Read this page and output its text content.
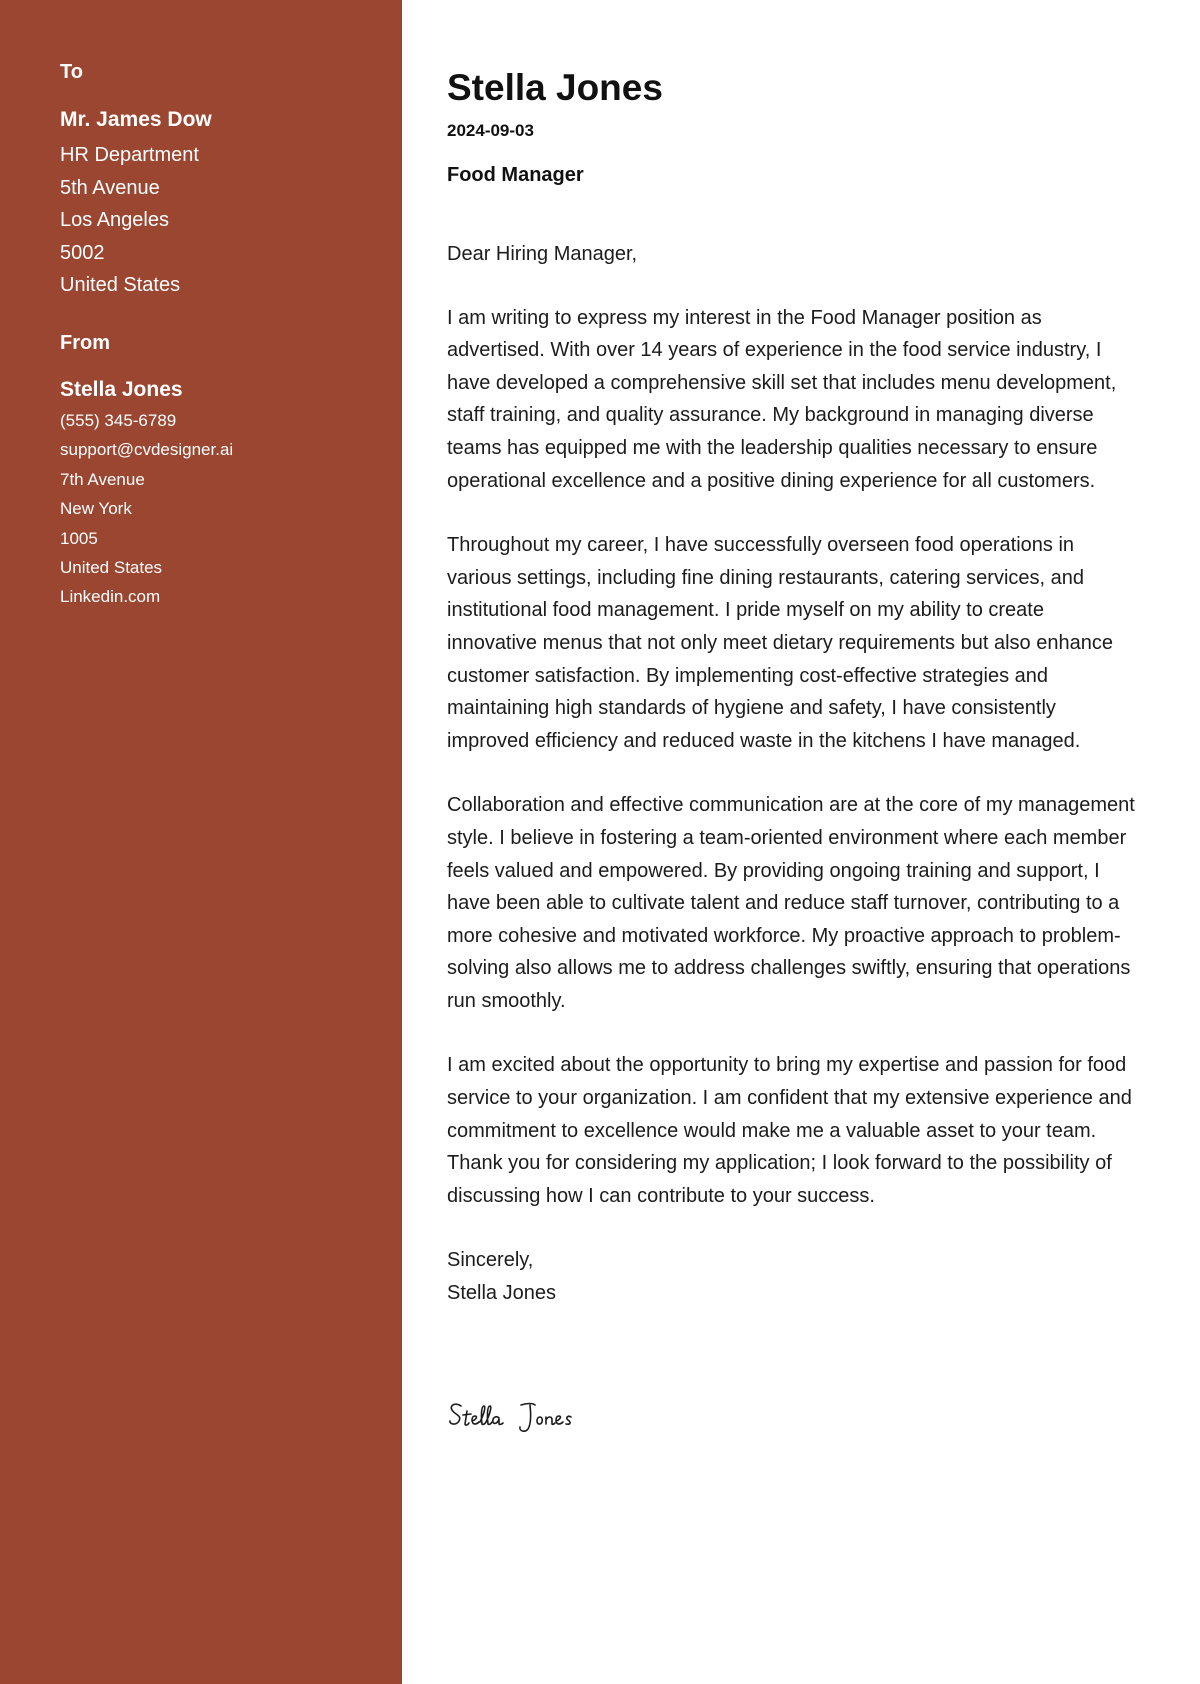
To
Mr. James Dow
HR Department
5th Avenue
Los Angeles
5002
United States
From
Stella Jones
(555) 345-6789
support@cvdesigner.ai
7th Avenue
New York
1005
United States
Linkedin.com
Stella Jones
2024-09-03
Food Manager

Dear Hiring Manager,

I am writing to express my interest in the Food Manager position as advertised. With over 14 years of experience in the food service industry, I have developed a comprehensive skill set that includes menu development, staff training, and quality assurance. My background in managing diverse teams has equipped me with the leadership qualities necessary to ensure operational excellence and a positive dining experience for all customers.

Throughout my career, I have successfully overseen food operations in various settings, including fine dining restaurants, catering services, and institutional food management. I pride myself on my ability to create innovative menus that not only meet dietary requirements but also enhance customer satisfaction. By implementing cost-effective strategies and maintaining high standards of hygiene and safety, I have consistently improved efficiency and reduced waste in the kitchens I have managed.

Collaboration and effective communication are at the core of my management style. I believe in fostering a team-oriented environment where each member feels valued and empowered. By providing ongoing training and support, I have been able to cultivate talent and reduce staff turnover, contributing to a more cohesive and motivated workforce. My proactive approach to problem-solving also allows me to address challenges swiftly, ensuring that operations run smoothly.

I am excited about the opportunity to bring my expertise and passion for food service to your organization. I am confident that my extensive experience and commitment to excellence would make me a valuable asset to your team. Thank you for considering my application; I look forward to the possibility of discussing how I can contribute to your success.

Sincerely,

Stella Jones
